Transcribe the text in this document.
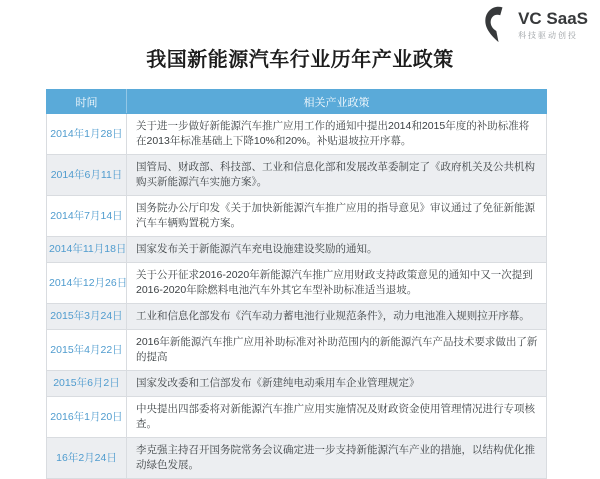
VC SaaS
科技驱动创投
我国新能源汽车行业历年产业政策
时间	相关产业政策
2014年1月28日	关于进一步做好新能源汽车推广应用工作的通知中提出2014和2015年度的补助标准将在2013年标准基础上下降10%和20%。补贴退坡拉开序幕。
2014年6月11日	国管局、财政部、科技部、工业和信息化部和发展改革委制定了《政府机关及公共机构购买新能源汽车实施方案》。
2014年7月14日	国务院办公厅印发《关于加快新能源汽车推广应用的指导意见》审议通过了免征新能源汽车车辆购置税方案。
2014年11月18日	国家发布关于新能源汽车充电设施建设奖励的通知。
2014年12月26日	关于公开征求2016-2020年新能源汽车推广应用财政支持政策意见的通知中又一次提到2016-2020年除燃料电池汽车外其它车型补助标准适当退坡。
2015年3月24日	工业和信息化部发布《汽车动力蓄电池行业规范条件》，动力电池准入规则拉开序幕。
2015年4月22日	2016年新能源汽车推广应用补助标准对补助范围内的新能源汽车产品技术要求做出了新的提高
2015年6月2日	国家发改委和工信部发布《新建纯电动乘用车企业管理规定》
2016年1月20日	中央提出四部委将对新能源汽车推广应用实施情况及财政资金使用管理情况进行专项核查。
16年2月24日	李克强主持召开国务院常务会议确定进一步支持新能源汽车产业的措施，以结构优化推动绿色发展。
